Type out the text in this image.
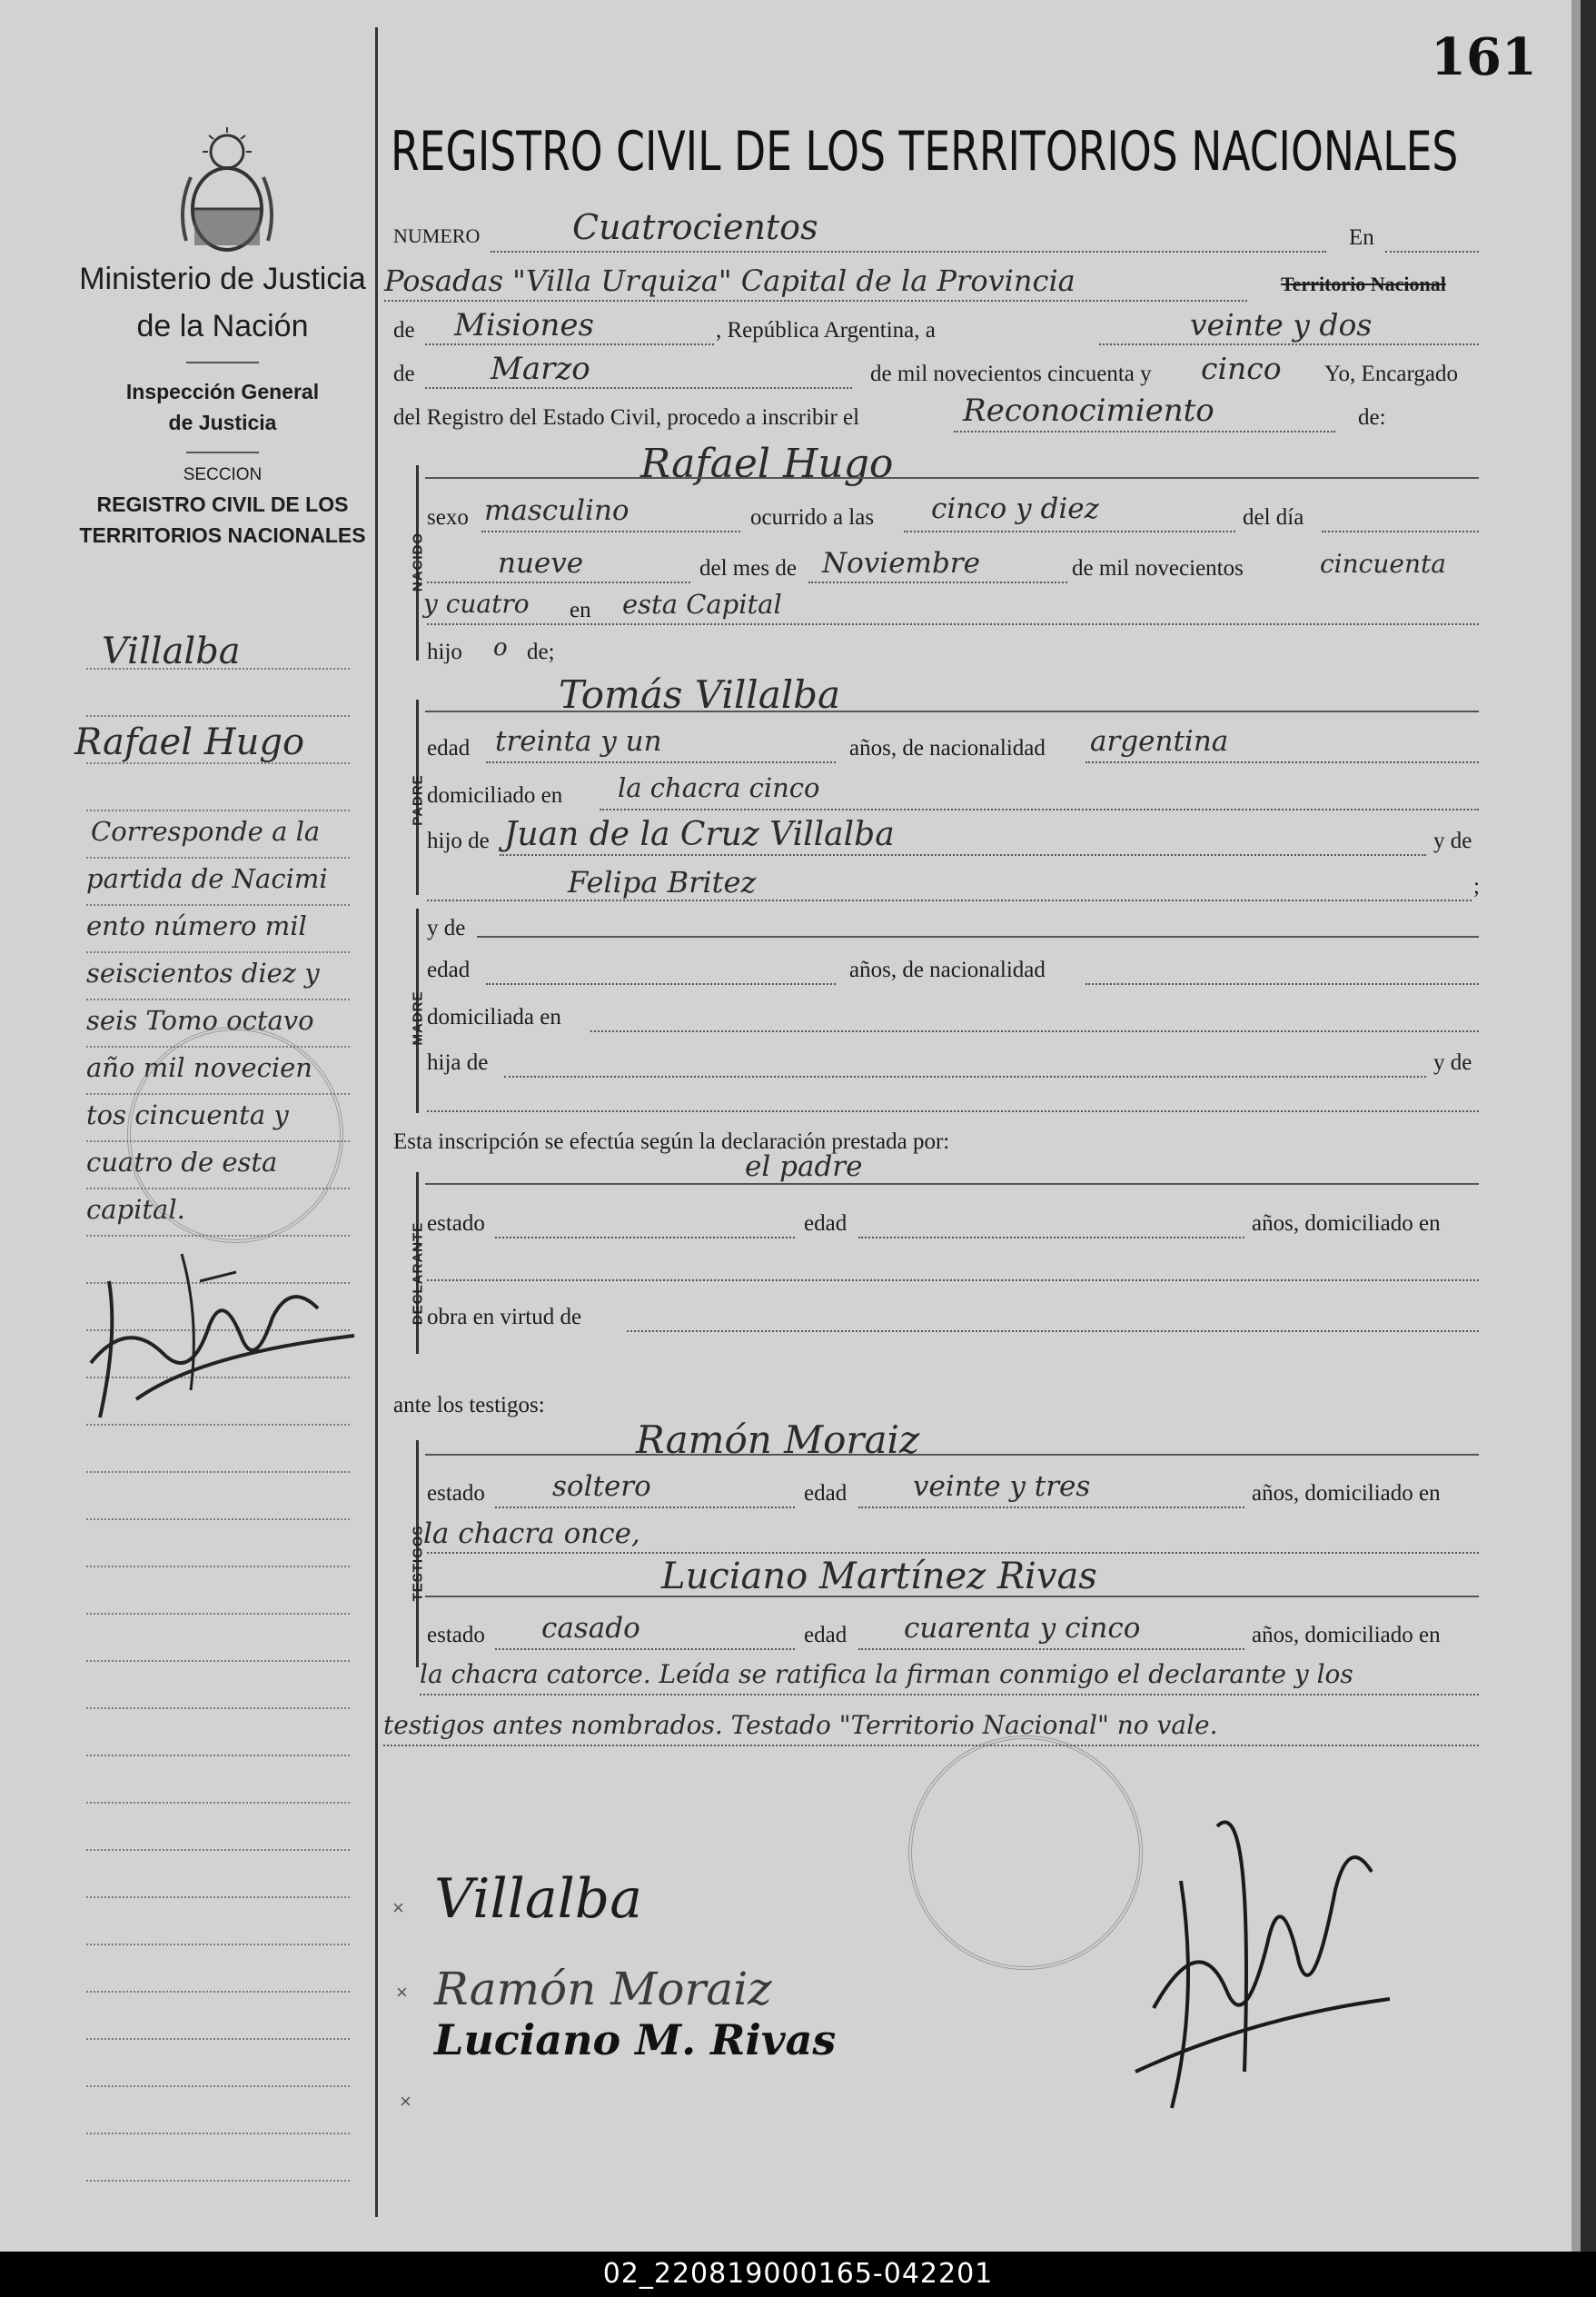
161
Ministerio de Justicia
de la Nación
Inspección General
de Justicia
SECCION
REGISTRO CIVIL DE LOS
TERRITORIOS NACIONALES
Villalba
Rafael Hugo
Corresponde a la
partida de Nacimi
ento número mil
seiscientos diez y
seis Tomo octavo
año mil novecien
tos cincuenta y
cuatro de esta
capital.
REGISTRO CIVIL DE LOS TERRITORIOS NACIONALES
NUMERO	Cuatrocientos	En
Posadas "Villa Urquiza" Capital de la Provincia	Territorio Nacional
de Misiones	, República Argentina, a	veinte y dos
de Marzo	de mil novecientos cincuenta y cinco Yo, Encargado
del Registro del Estado Civil, procedo a inscribir el	Reconocimiento	de:
NACIDO
Rafael Hugo
sexo masculino	ocurrido a las cinco y diez	del día
nueve	del mes de Noviembre	de mil novecientos	cincuenta
y cuatro en esta Capital
hijo o de;
PADRE
Tomás Villalba
edad treinta y un	años, de nacionalidad argentina
domiciliado en la chacra cinco
hijo de Juan de la Cruz Villalba	y de
Felipa Britez	;
MADRE
y de
edad	años, de nacionalidad
domiciliada en
hija de	y de
Esta inscripción se efectúa según la declaración prestada por:
el padre
DECLARANTE estado	edad	años, domiciliado en
obra en virtud de
ante los testigos:
Ramón Moraiz
TESTIGOS
estado soltero	edad veinte y tres	años, domiciliado en
la chacra once,
Luciano Martínez Rivas
estado casado	edad cuarenta y cinco	años, domiciliado en
la chacra catorce. Leída se ratifica la firman conmigo el declarante y los
testigos antes nombrados. Testado "Territorio Nacional" no vale.
Villalba
Ramón Moraiz
Luciano M. Rivas
×
×
×
02_220819000165-042201
